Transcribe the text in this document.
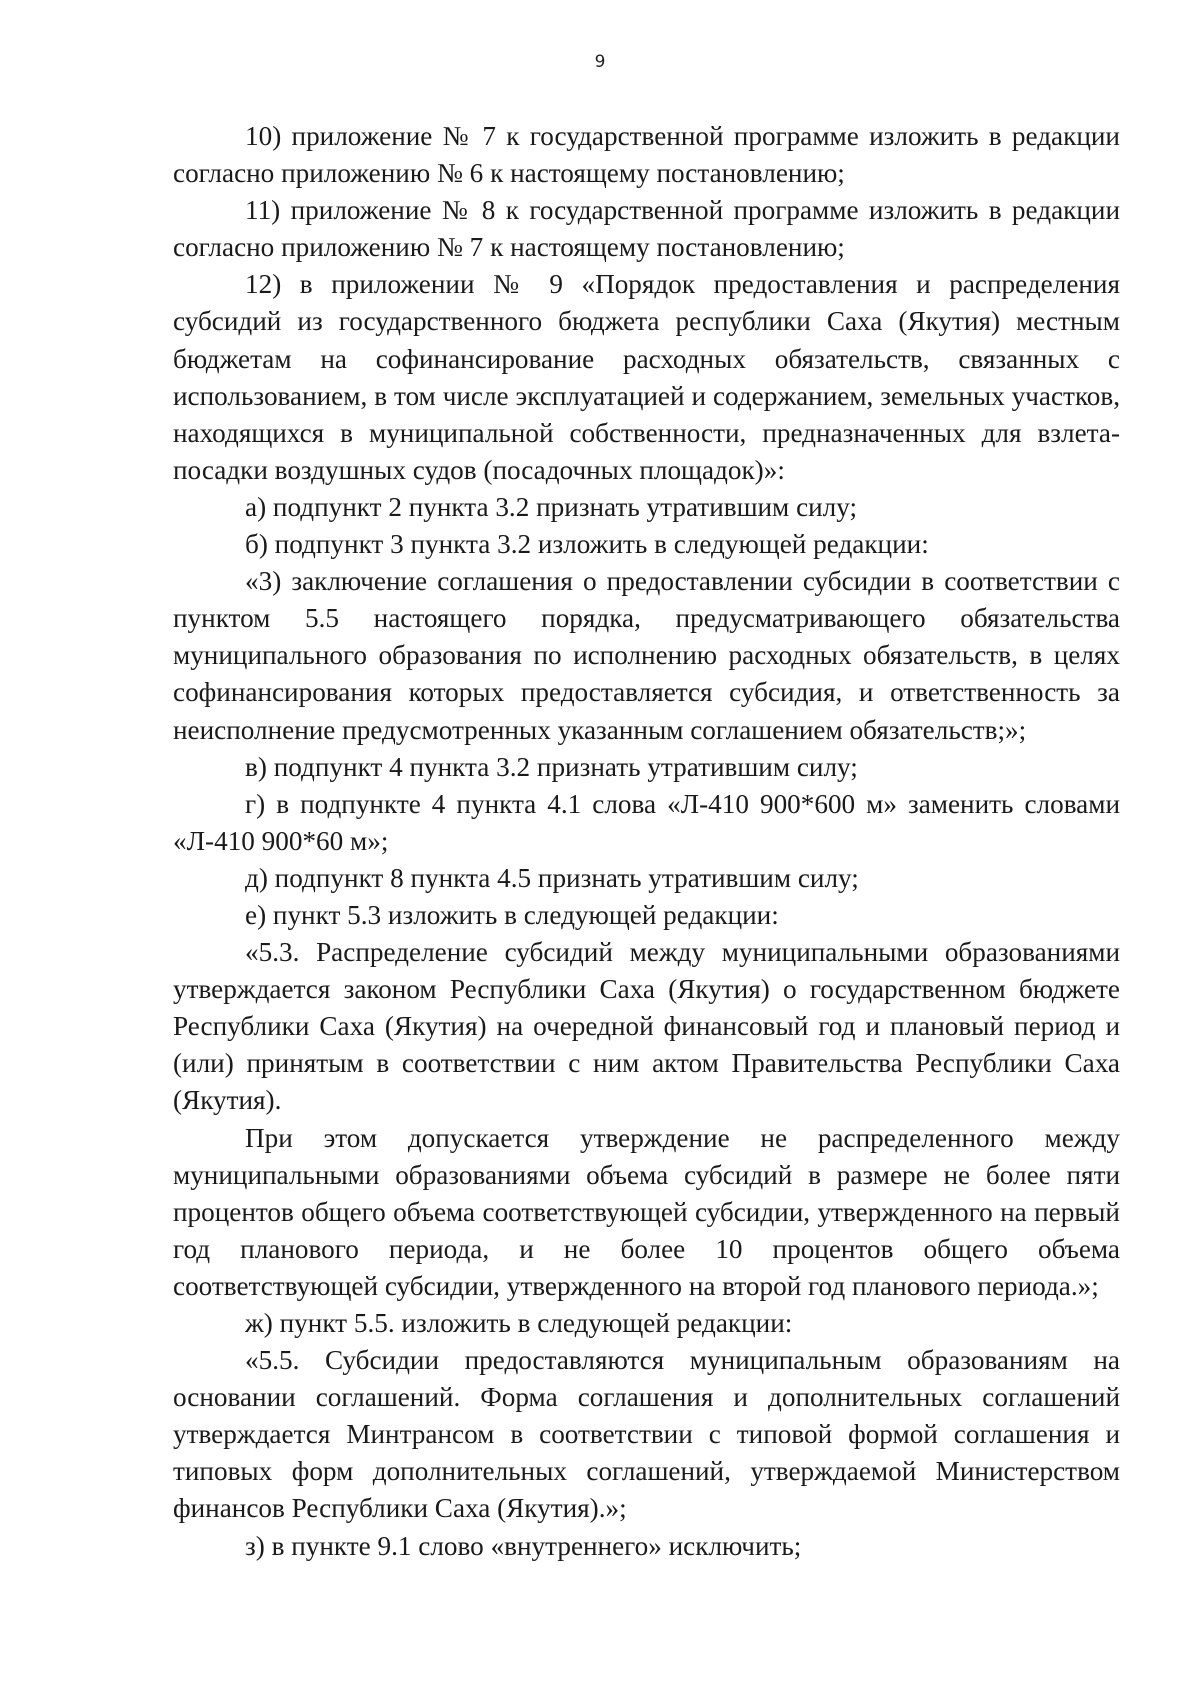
9

10) приложение № 7 к государственной программе изложить в редакции согласно приложению № 6 к настоящему постановлению;

11) приложение № 8 к государственной программе изложить в редакции согласно приложению № 7 к настоящему постановлению;

12) в приложении № 9 «Порядок предоставления и распределения субсидий из государственного бюджета республики Саха (Якутия) местным бюджетам на софинансирование расходных обязательств, связанных с использованием, в том числе эксплуатацией и содержанием, земельных участков, находящихся в муниципальной собственности, предназначенных для взлета-посадки воздушных судов (посадочных площадок)»:

а) подпункт 2 пункта 3.2 признать утратившим силу;

б) подпункт 3 пункта 3.2 изложить в следующей редакции:

«3) заключение соглашения о предоставлении субсидии в соответствии с пунктом 5.5 настоящего порядка, предусматривающего обязательства муниципального образования по исполнению расходных обязательств, в целях софинансирования которых предоставляется субсидия, и ответственность за неисполнение предусмотренных указанным соглашением обязательств;»;

в) подпункт 4 пункта 3.2 признать утратившим силу;

г) в подпункте 4 пункта 4.1 слова «Л-410 900*600 м» заменить словами «Л-410 900*60 м»;

д) подпункт 8 пункта 4.5 признать утратившим силу;

е) пункт 5.3 изложить в следующей редакции:

«5.3. Распределение субсидий между муниципальными образованиями утверждается законом Республики Саха (Якутия) о государственном бюджете Республики Саха (Якутия) на очередной финансовый год и плановый период и (или) принятым в соответствии с ним актом Правительства Республики Саха (Якутия).

При этом допускается утверждение не распределенного между муниципальными образованиями объема субсидий в размере не более пяти процентов общего объема соответствующей субсидии, утвержденного на первый год планового периода, и не более 10 процентов общего объема соответствующей субсидии, утвержденного на второй год планового периода.»;

ж) пункт 5.5. изложить в следующей редакции:

«5.5. Субсидии предоставляются муниципальным образованиям на основании соглашений. Форма соглашения и дополнительных соглашений утверждается Минтрансом в соответствии с типовой формой соглашения и типовых форм дополнительных соглашений, утверждаемой Министерством финансов Республики Саха (Якутия).»;

з) в пункте 9.1 слово «внутреннего» исключить;
